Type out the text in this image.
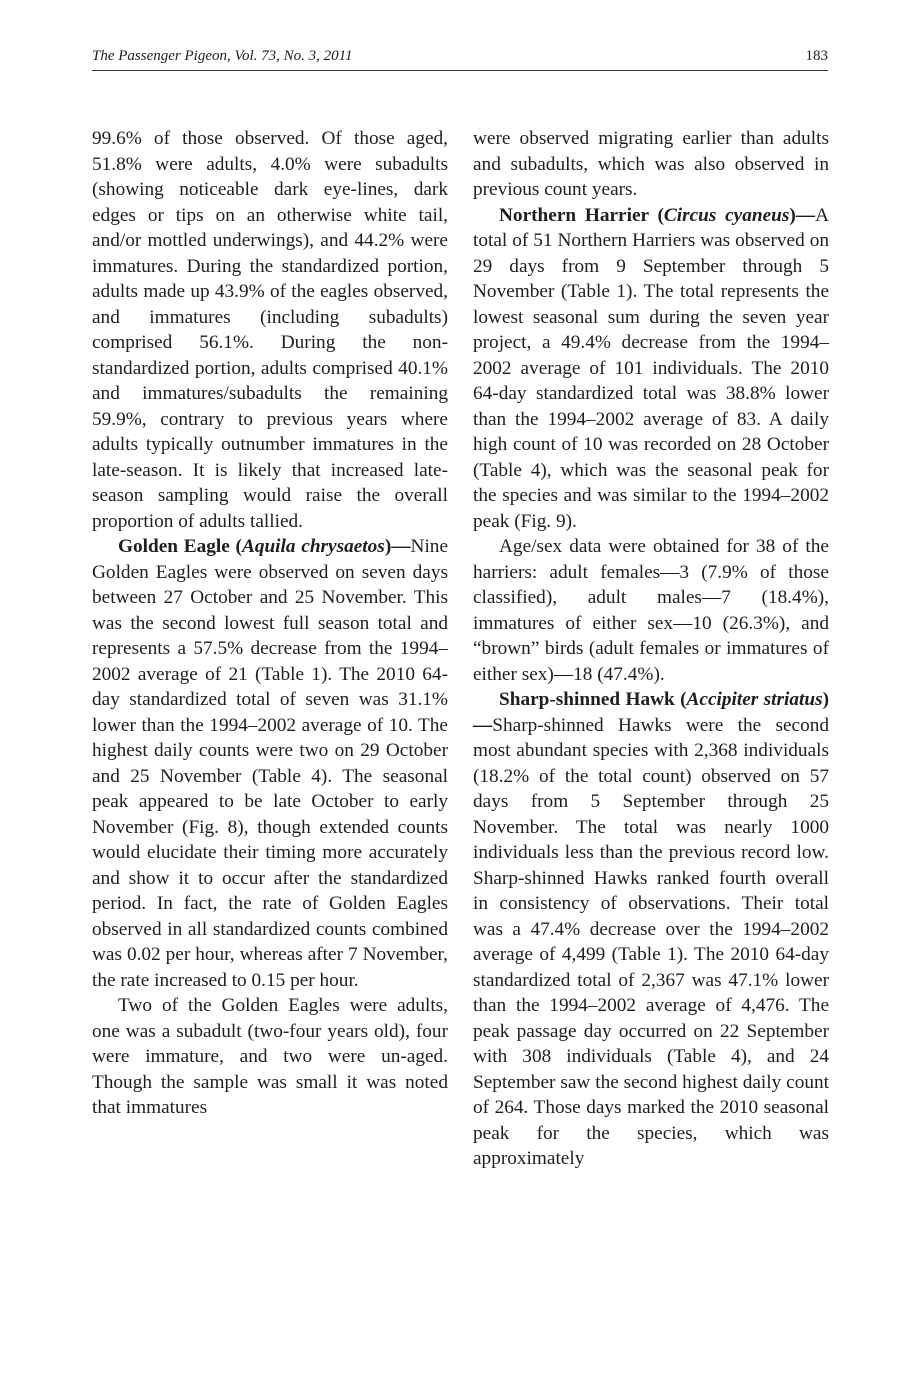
The Passenger Pigeon, Vol. 73, No. 3, 2011	183

99.6% of those observed. Of those aged, 51.8% were adults, 4.0% were subadults (showing noticeable dark eye-lines, dark edges or tips on an otherwise white tail, and/or mottled underwings), and 44.2% were immatures. During the standardized portion, adults made up 43.9% of the eagles observed, and immatures (including subadults) comprised 56.1%. During the non-standardized portion, adults comprised 40.1% and immatures/subadults the remaining 59.9%, contrary to previous years where adults typically outnumber immatures in the late-season. It is likely that increased late-season sampling would raise the overall proportion of adults tallied.

Golden Eagle (Aquila chrysaetos)—Nine Golden Eagles were observed on seven days between 27 October and 25 November. This was the second lowest full season total and represents a 57.5% decrease from the 1994–2002 average of 21 (Table 1). The 2010 64-day standardized total of seven was 31.1% lower than the 1994–2002 average of 10. The highest daily counts were two on 29 October and 25 November (Table 4). The seasonal peak appeared to be late October to early November (Fig. 8), though extended counts would elucidate their timing more accurately and show it to occur after the standardized period. In fact, the rate of Golden Eagles observed in all standardized counts combined was 0.02 per hour, whereas after 7 November, the rate increased to 0.15 per hour.

Two of the Golden Eagles were adults, one was a subadult (two-four years old), four were immature, and two were un-aged. Though the sample was small it was noted that immatures

were observed migrating earlier than adults and subadults, which was also observed in previous count years.

Northern Harrier (Circus cyaneus)—A total of 51 Northern Harriers was observed on 29 days from 9 September through 5 November (Table 1). The total represents the lowest seasonal sum during the seven year project, a 49.4% decrease from the 1994–2002 average of 101 individuals. The 2010 64-day standardized total was 38.8% lower than the 1994–2002 average of 83. A daily high count of 10 was recorded on 28 October (Table 4), which was the seasonal peak for the species and was similar to the 1994–2002 peak (Fig. 9).

Age/sex data were obtained for 38 of the harriers: adult females—3 (7.9% of those classified), adult males—7 (18.4%), immatures of either sex—10 (26.3%), and “brown” birds (adult females or immatures of either sex)—18 (47.4%).

Sharp-shinned Hawk (Accipiter striatus)—Sharp-shinned Hawks were the second most abundant species with 2,368 individuals (18.2% of the total count) observed on 57 days from 5 September through 25 November. The total was nearly 1000 individuals less than the previous record low. Sharp-shinned Hawks ranked fourth overall in consistency of observations. Their total was a 47.4% decrease over the 1994–2002 average of 4,499 (Table 1). The 2010 64-day standardized total of 2,367 was 47.1% lower than the 1994–2002 average of 4,476. The peak passage day occurred on 22 September with 308 individuals (Table 4), and 24 September saw the second highest daily count of 264. Those days marked the 2010 seasonal peak for the species, which was approximately
